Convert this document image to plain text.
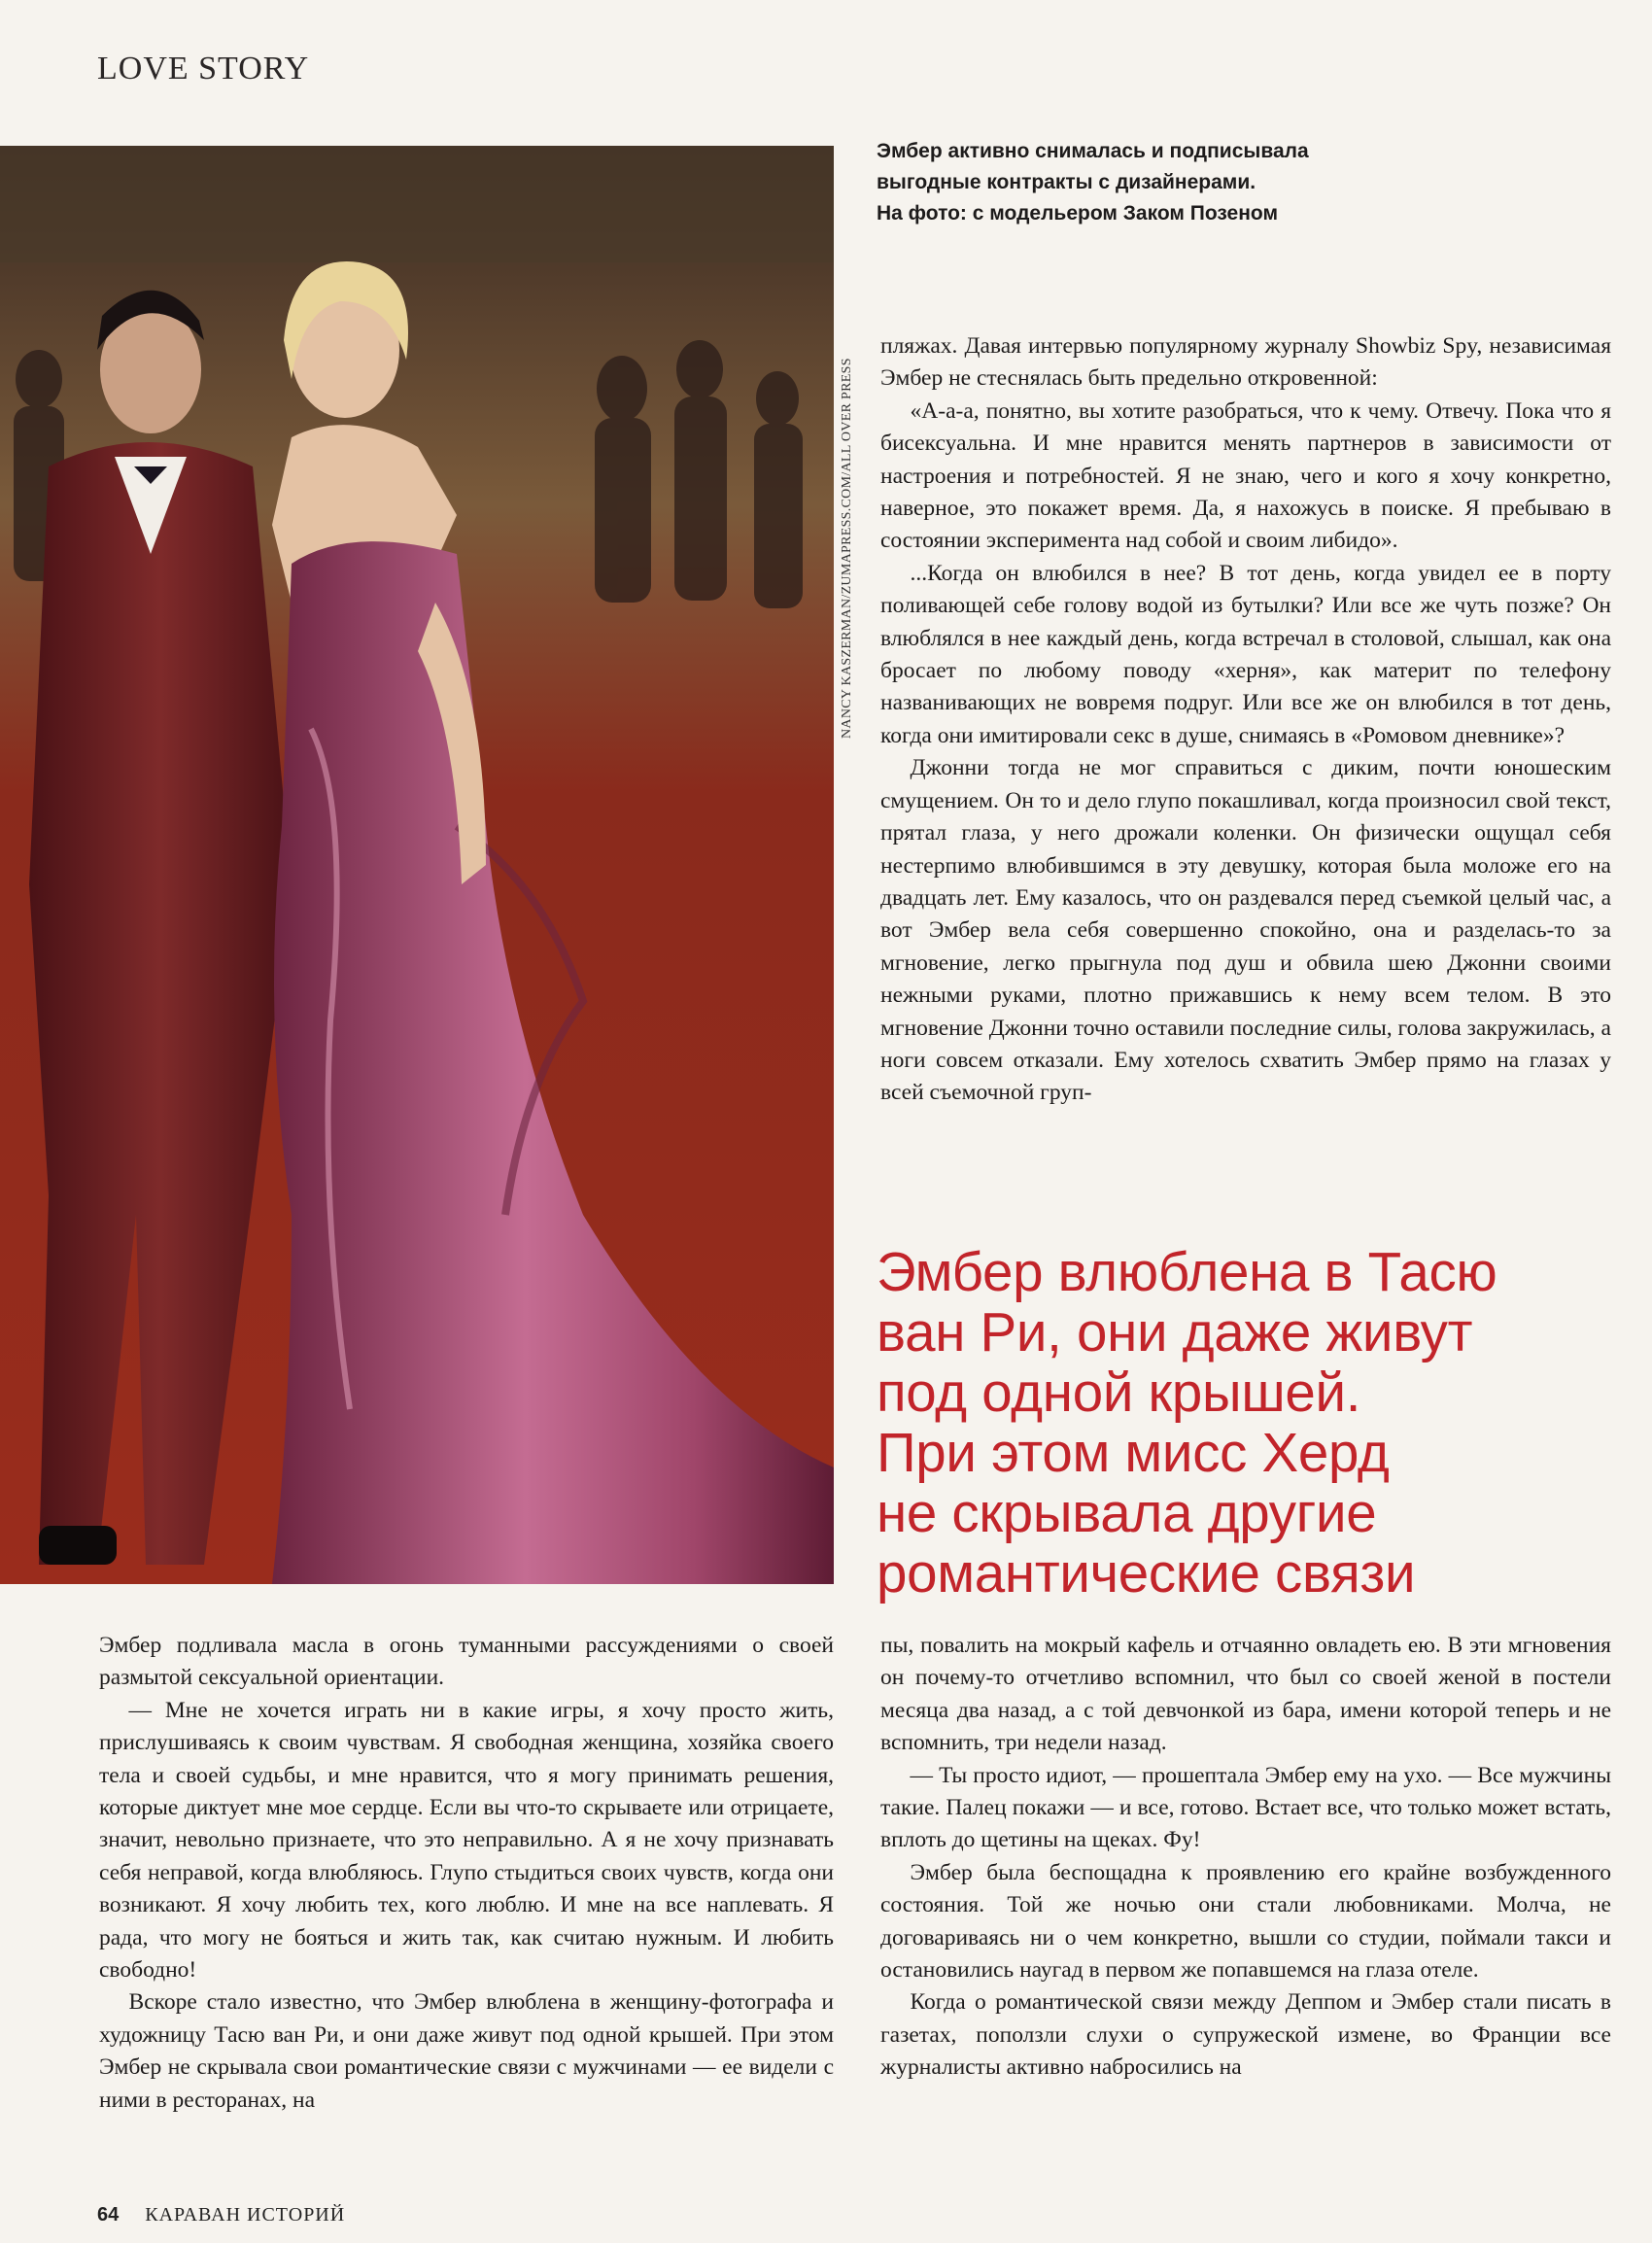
LOVE STORY
NANCY KASZERMAN/ZUMAPRESS.COM/ALL OVER PRESS
Эмбер активно снималась и подписывала
выгодные контракты с дизайнерами.
На фото: с модельером Заком Позеном

пляжах. Давая интервью популярному журналу Showbiz Spy, независимая Эмбер не стеснялась быть предельно откровенной:

«А-а-а, понятно, вы хотите разобраться, что к чему. Отвечу. Пока что я бисексуальна. И мне нравится менять партнеров в зависимости от настроения и потребностей. Я не знаю, чего и кого я хочу конкретно, наверное, это покажет время. Да, я нахожусь в поиске. Я пребываю в состоянии эксперимента над собой и своим либидо».

...Когда он влюбился в нее? В тот день, когда увидел ее в порту поливающей себе голову водой из бутылки? Или все же чуть позже? Он влюблялся в нее каждый день, когда встречал в столовой, слышал, как она бросает по любому поводу «херня», как материт по телефону названивающих не вовремя подруг. Или все же он влюбился в тот день, когда они имитировали секс в душе, снимаясь в «Ромовом дневнике»?

Джонни тогда не мог справиться с диким, почти юношеским смущением. Он то и дело глупо покашливал, когда произносил свой текст, прятал глаза, у него дрожали коленки. Он физически ощущал себя нестерпимо влюбившимся в эту девушку, которая была моложе его на двадцать лет. Ему казалось, что он раздевался перед съемкой целый час, а вот Эмбер вела себя совершенно спокойно, она и разделась-то за мгновение, легко прыгнула под душ и обвила шею Джонни своими нежными руками, плотно прижавшись к нему всем телом. В это мгновение Джонни точно оставили последние силы, голова закружилась, а ноги совсем отказали. Ему хотелось схватить Эмбер прямо на глазах у всей съемочной груп-

Эмбер влюблена в Тасю
ван Ри, они даже живут
под одной крышей.
При этом мисс Херд
не скрывала другие
романтические связи

Эмбер подливала масла в огонь туманными рассуждениями о своей размытой сексуальной ориентации.

— Мне не хочется играть ни в какие игры, я хочу просто жить, прислушиваясь к своим чувствам. Я свободная женщина, хозяйка своего тела и своей судьбы, и мне нравится, что я могу принимать решения, которые диктует мне мое сердце. Если вы что-то скрываете или отрицаете, значит, невольно признаете, что это неправильно. А я не хочу признавать себя неправой, когда влюбляюсь. Глупо стыдиться своих чувств, когда они возникают. Я хочу любить тех, кого люблю. И мне на все наплевать. Я рада, что могу не бояться и жить так, как считаю нужным. И любить свободно!

Вскоре стало известно, что Эмбер влюблена в женщину-фотографа и художницу Тасю ван Ри, и они даже живут под одной крышей. При этом Эмбер не скрывала свои романтические связи с мужчинами — ее видели с ними в ресторанах, на

пы, повалить на мокрый кафель и отчаянно овладеть ею. В эти мгновения он почему-то отчетливо вспомнил, что был со своей женой в постели месяца два назад, а с той девчонкой из бара, имени которой теперь и не вспомнить, три недели назад.

— Ты просто идиот, — прошептала Эмбер ему на ухо. — Все мужчины такие. Палец покажи — и все, готово. Встает все, что только может встать, вплоть до щетины на щеках. Фу!

Эмбер была беспощадна к проявлению его крайне возбужденного состояния. Той же ночью они стали любовниками. Молча, не договариваясь ни о чем конкретно, вышли со студии, поймали такси и остановились наугад в первом же попавшемся на глаза отеле.

Когда о романтической связи между Деппом и Эмбер стали писать в газетах, поползли слухи о супружеской измене, во Франции все журналисты активно набросились на

64 КАРАВАН ИСТОРИЙ
